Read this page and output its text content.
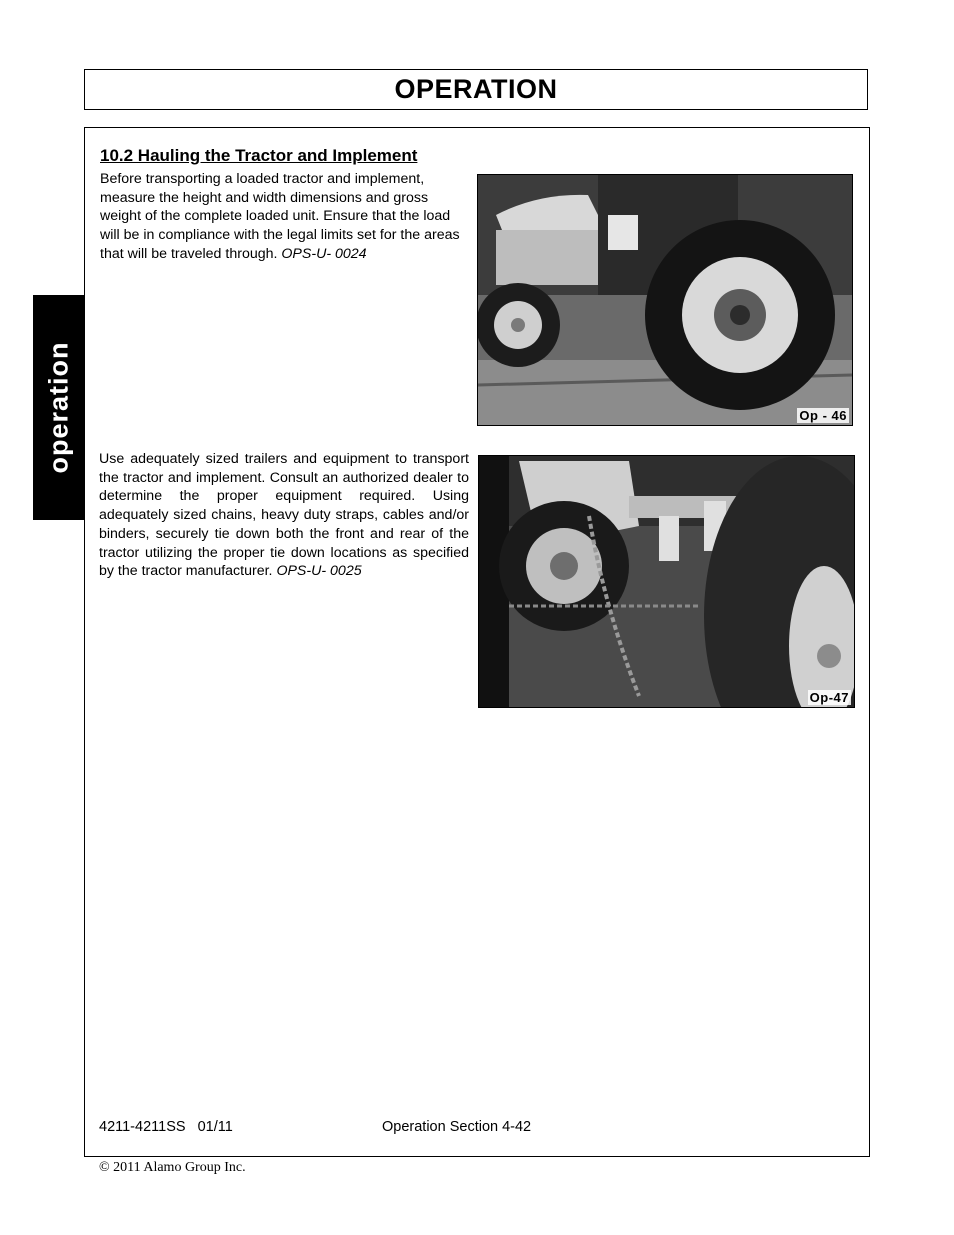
OPERATION
operation
10.2 Hauling the Tractor and Implement

Before transporting a loaded tractor and implement, measure the height and width dimensions and gross weight of the complete loaded unit. Ensure that the load will be in compliance with the legal limits set for the areas that will be traveled through. OPS-U- 0024

Op - 46

Use adequately sized trailers and equipment to transport the tractor and implement. Consult an authorized dealer to determine the proper equipment required. Using adequately sized chains, heavy duty straps, cables and/or binders, securely tie down both the front and rear of the tractor utilizing the proper tie down locations as specified by the tractor manufacturer. OPS-U- 0025

Op-47
4211-4211SS   01/11	Operation Section 4-42
© 2011 Alamo Group Inc.
